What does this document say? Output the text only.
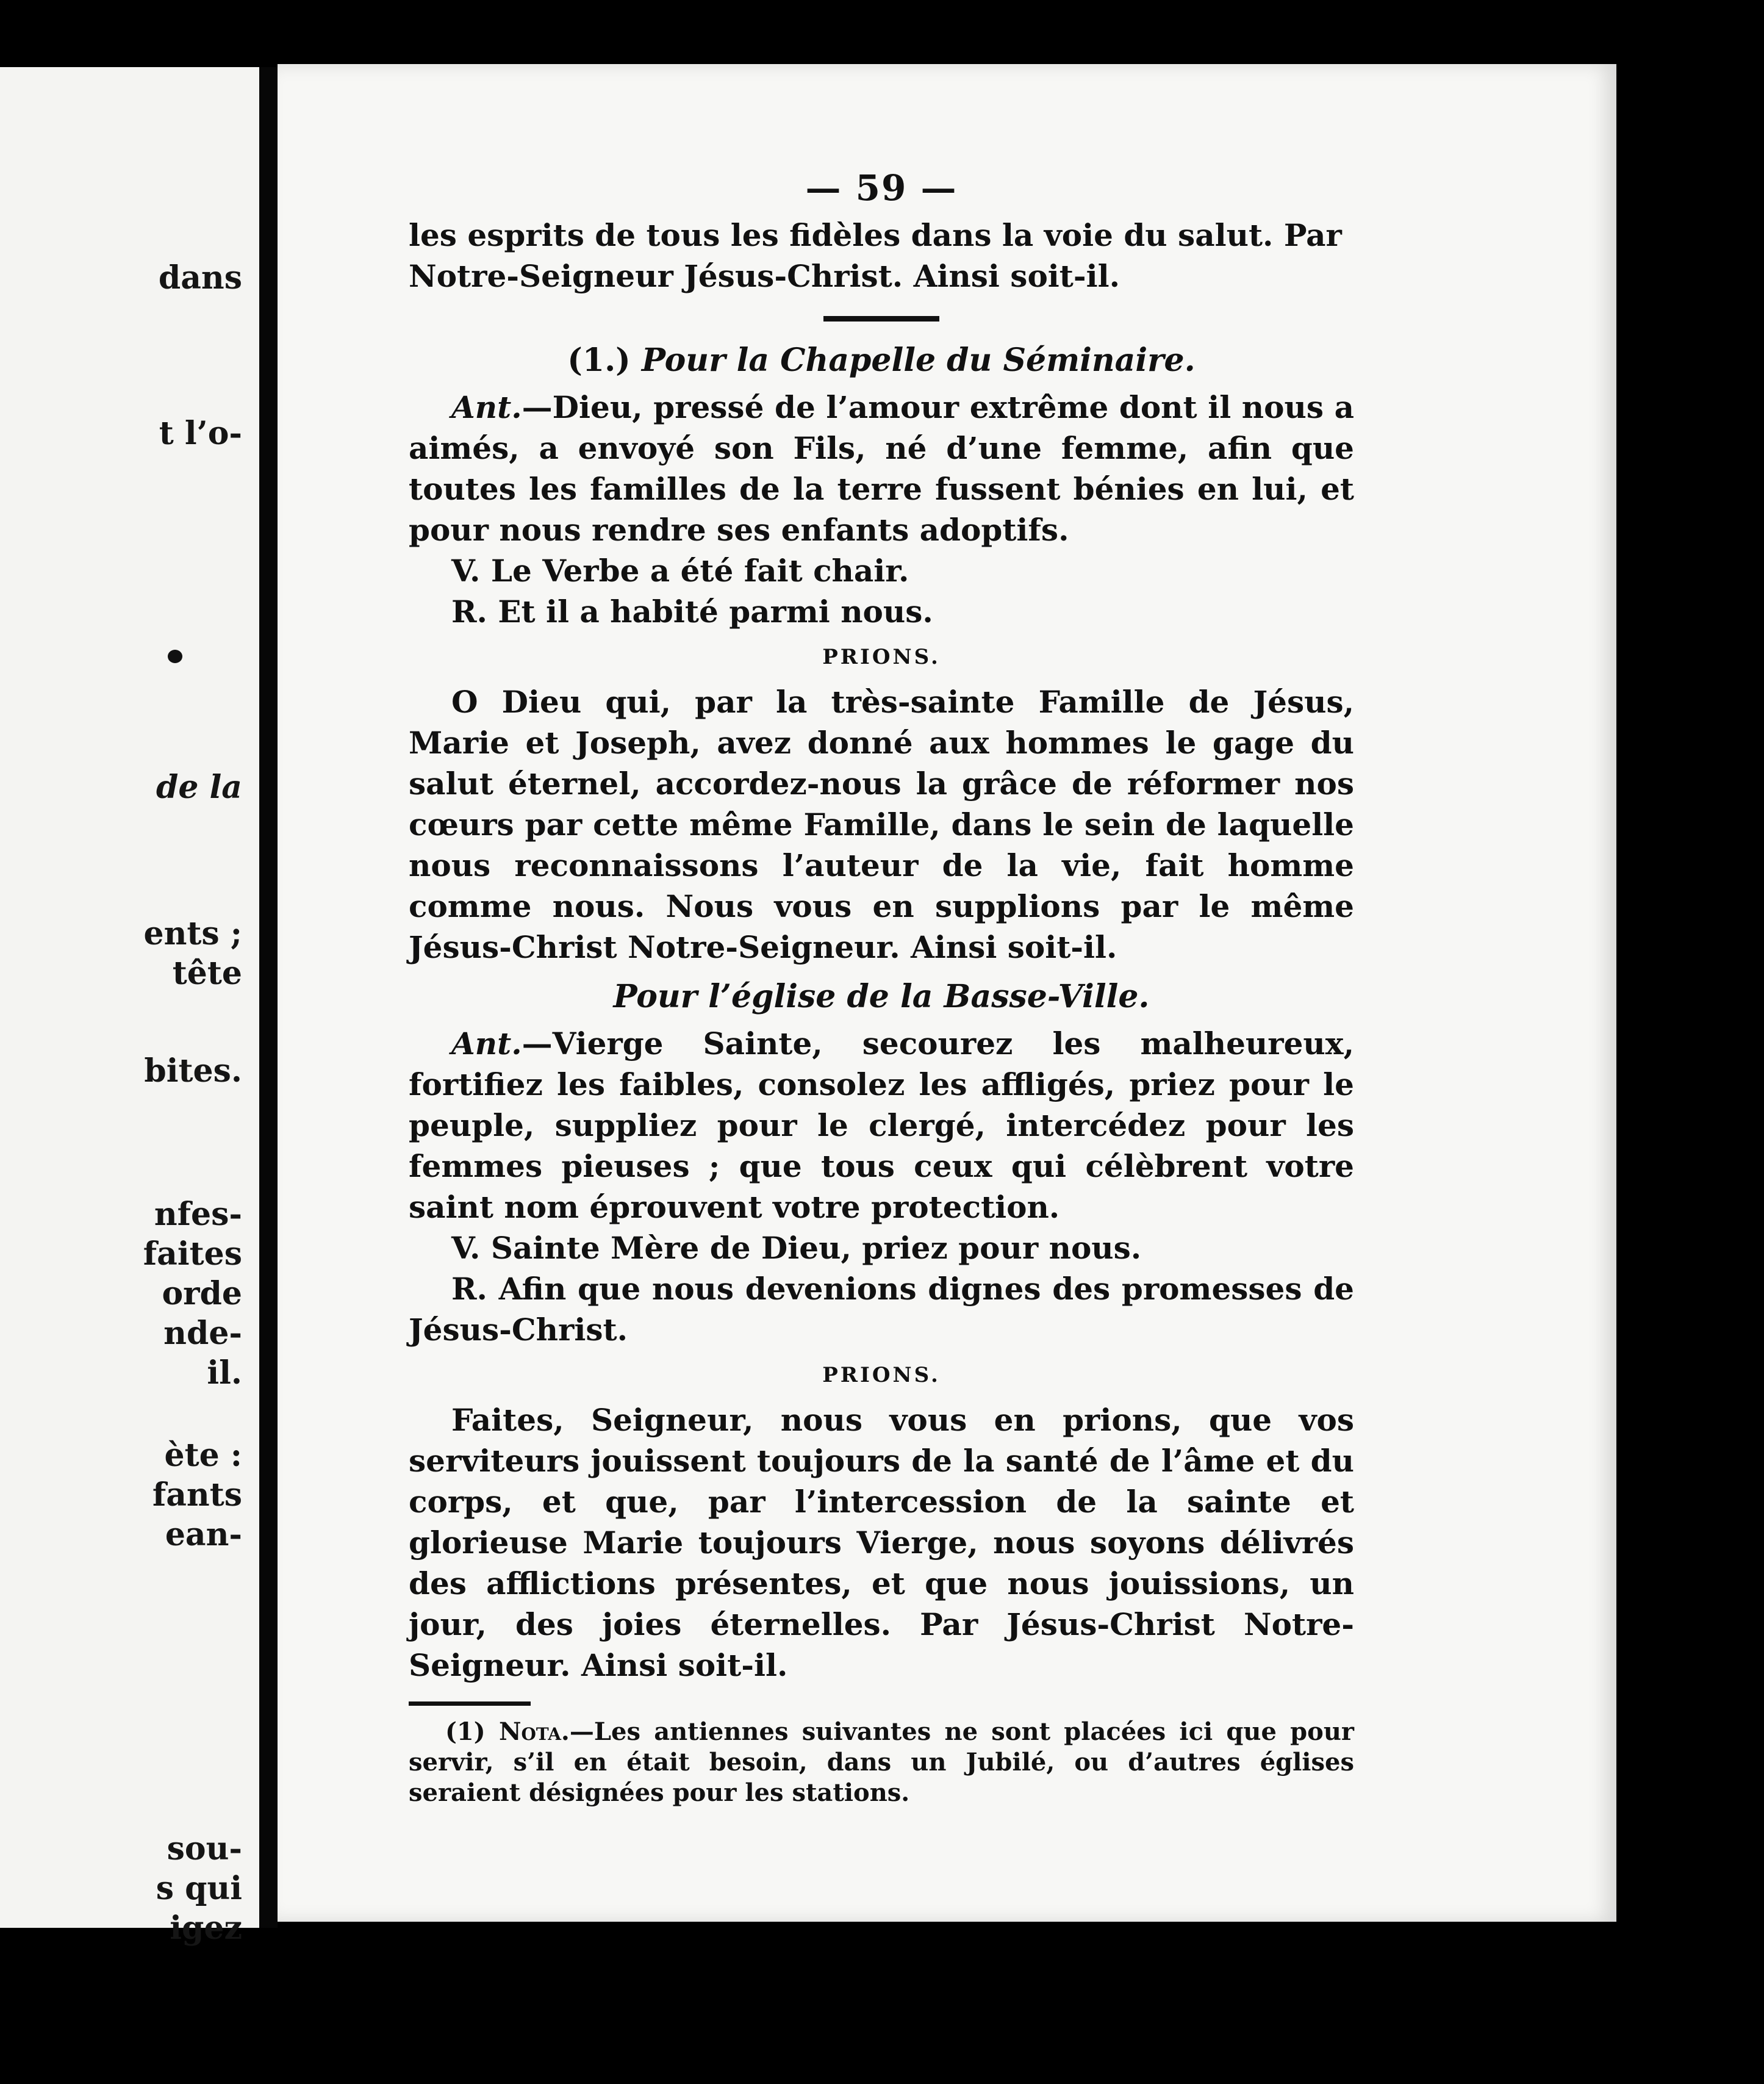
dans
t l’o-
de la
ents ;
tête
bites.
nfes-
faites
orde
nde-
il.
ète :
fants
ean-
sou-
s qui
igez
— 59 —

les esprits de tous les fidèles dans la voie du salut. Par

Notre-Seigneur Jésus-Christ. Ainsi soit-il.

(1.) Pour la Chapelle du Séminaire.

Ant.—Dieu, pressé de l’amour extrême dont il nous a aimés, a envoyé son Fils, né d’une femme, afin que toutes les familles de la terre fussent bénies en lui, et pour nous rendre ses enfants adoptifs.

V. Le Verbe a été fait chair.

R. Et il a habité parmi nous.

PRIONS.

O Dieu qui, par la très-sainte Famille de Jésus, Marie et Joseph, avez donné aux hommes le gage du salut éternel, accordez-nous la grâce de réformer nos cœurs par cette même Famille, dans le sein de laquelle nous reconnaissons l’auteur de la vie, fait homme comme nous. Nous vous en supplions par le même Jésus-Christ Notre-Seigneur. Ainsi soit-il.

Pour l’église de la Basse-Ville.

Ant.—Vierge Sainte, secourez les malheureux, fortifiez les faibles, consolez les affligés, priez pour le peuple, suppliez pour le clergé, intercédez pour les femmes pieuses ; que tous ceux qui célèbrent votre saint nom éprouvent votre protection.

V. Sainte Mère de Dieu, priez pour nous.

R. Afin que nous devenions dignes des promesses de Jésus-Christ.

PRIONS.

Faites, Seigneur, nous vous en prions, que vos serviteurs jouissent toujours de la santé de l’âme et du corps, et que, par l’intercession de la sainte et glorieuse Marie toujours Vierge, nous soyons délivrés des afflictions présentes, et que nous jouissions, un jour, des joies éternelles. Par Jésus-Christ Notre-Seigneur. Ainsi soit-il.

(1) Nota.—Les antiennes suivantes ne sont placées ici que pour servir, s’il en était besoin, dans un Jubilé, ou d’autres églises seraient désignées pour les stations.
